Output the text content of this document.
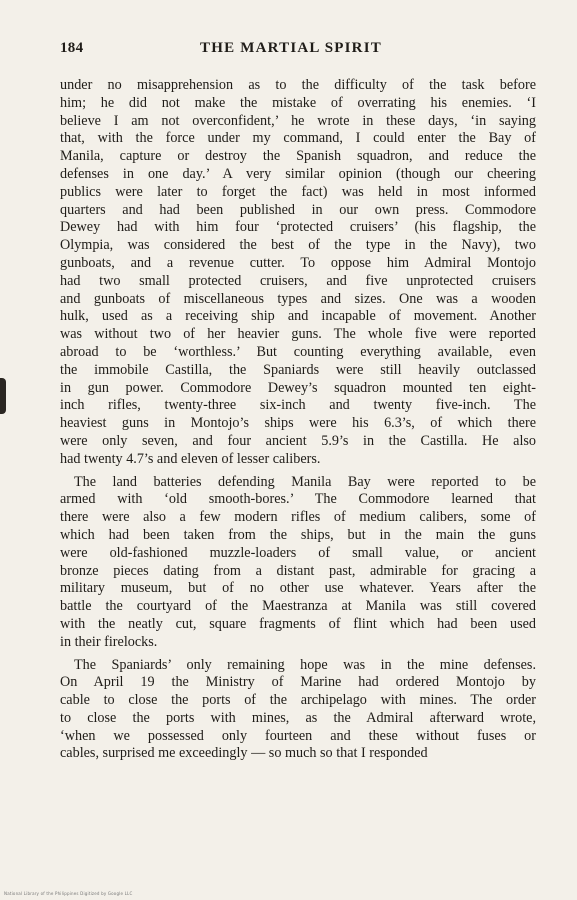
184	THE MARTIAL SPIRIT
under no misapprehension as to the difficulty of the task before
him; he did not make the mistake of overrating his enemies. ‘I
believe I am not overconfident,’ he wrote in these days, ‘in saying
that, with the force under my command, I could enter the Bay of
Manila, capture or destroy the Spanish squadron, and reduce the
defenses in one day.’ A very similar opinion (though our cheering
publics were later to forget the fact) was held in most informed
quarters and had been published in our own press. Commodore
Dewey had with him four ‘protected cruisers’ (his flagship, the
Olympia, was considered the best of the type in the Navy), two
gunboats, and a revenue cutter. To oppose him Admiral Montojo
had two small protected cruisers, and five unprotected cruisers
and gunboats of miscellaneous types and sizes. One was a wooden
hulk, used as a receiving ship and incapable of movement. Another
was without two of her heavier guns. The whole five were reported
abroad to be ‘worthless.’ But counting everything available, even
the immobile Castilla, the Spaniards were still heavily outclassed
in gun power. Commodore Dewey’s squadron mounted ten eight-
inch rifles, twenty-three six-inch and twenty five-inch. The
heaviest guns in Montojo’s ships were his 6.3’s, of which there
were only seven, and four ancient 5.9’s in the Castilla. He also
had twenty 4.7’s and eleven of lesser calibers.
The land batteries defending Manila Bay were reported to be
armed with ‘old smooth-bores.’ The Commodore learned that
there were also a few modern rifles of medium calibers, some of
which had been taken from the ships, but in the main the guns
were old-fashioned muzzle-loaders of small value, or ancient
bronze pieces dating from a distant past, admirable for gracing a
military museum, but of no other use whatever. Years after the
battle the courtyard of the Maestranza at Manila was still covered
with the neatly cut, square fragments of flint which had been used
in their firelocks.
The Spaniards’ only remaining hope was in the mine defenses.
On April 19 the Ministry of Marine had ordered Montojo by
cable to close the ports of the archipelago with mines. The order
to close the ports with mines, as the Admiral afterward wrote,
‘when we possessed only fourteen and these without fuses or
cables, surprised me exceedingly — so much so that I responded
National Library of the Philippines Digitized by Google LLC
